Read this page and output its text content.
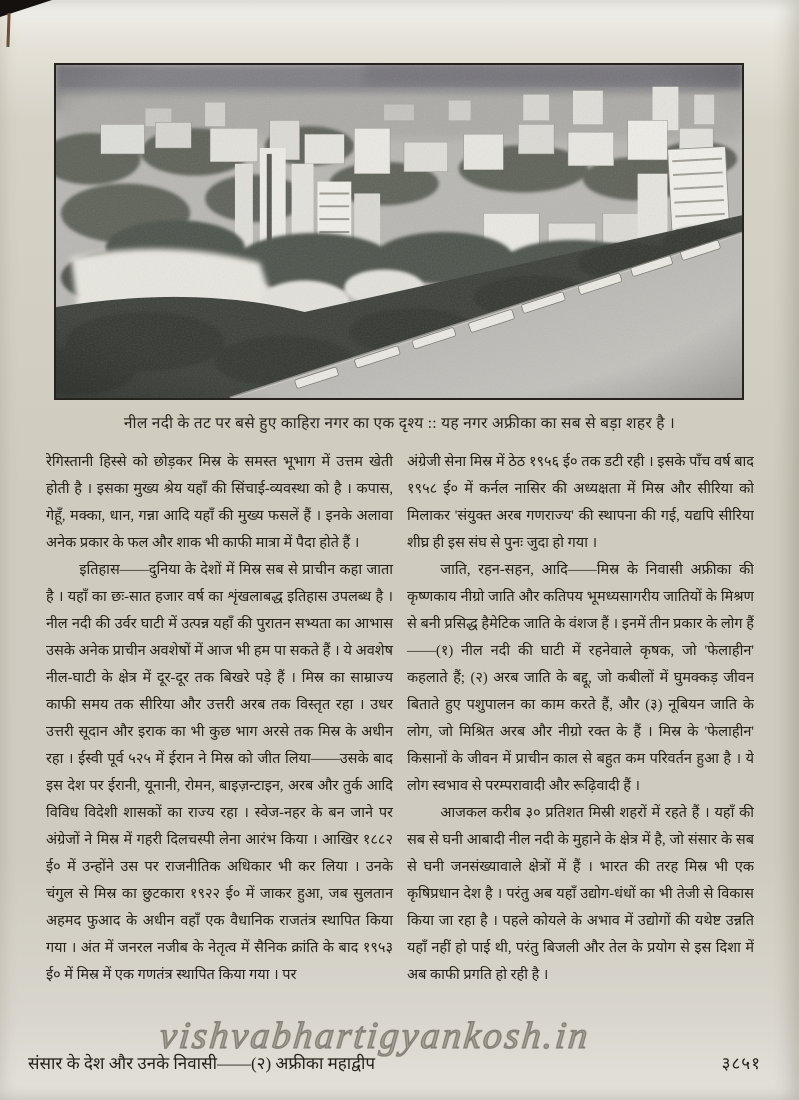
नील नदी के तट पर बसे हुए काहिरा नगर का एक दृश्य :: यह नगर अफ्रीका का सब से बड़ा शहर है ।

रेगिस्तानी हिस्से को छोड़कर मिस्र के समस्त भूभाग में उत्तम खेती होती है । इसका मुख्य श्रेय यहाँ की सिंचाई-व्यवस्था को है । कपास, गेहूँ, मक्का, धान, गन्ना आदि यहाँ की मुख्य फसलें हैं । इनके अलावा अनेक प्रकार के फल और शाक भी काफी मात्रा में पैदा होते हैं ।

इतिहास——दुनिया के देशों में मिस्र सब से प्राचीन कहा जाता है । यहाँ का छः-सात हजार वर्ष का शृंखलाबद्ध इतिहास उपलब्ध है । नील नदी की उर्वर घाटी में उत्पन्न यहाँ की पुरातन सभ्यता का आभास उसके अनेक प्राचीन अवशेषों में आज भी हम पा सकते हैं । ये अवशेष नील-घाटी के क्षेत्र में दूर-दूर तक बिखरे पड़े हैं । मिस्र का साम्राज्य काफी समय तक सीरिया और उत्तरी अरब तक विस्तृत रहा । उधर उत्तरी सूदान और इराक का भी कुछ भाग अरसे तक मिस्र के अधीन रहा । ईस्वी पूर्व ५२५ में ईरान ने मिस्र को जीत लिया——उसके बाद इस देश पर ईरानी, यूनानी, रोमन, बाइज़न्टाइन, अरब और तुर्क आदि विविध विदेशी शासकों का राज्य रहा । स्वेज-नहर के बन जाने पर अंग्रेजों ने मिस्र में गहरी दिलचस्पी लेना आरंभ किया । आखिर १८८२ ई० में उन्होंने उस पर राजनीतिक अधिकार भी कर लिया । उनके चंगुल से मिस्र का छुटकारा १९२२ ई० में जाकर हुआ, जब सुलतान अहमद फुआद के अधीन वहाँ एक वैधानिक राजतंत्र स्थापित किया गया । अंत में जनरल नजीब के नेतृत्व में सैनिक क्रांति के बाद १९५३ ई० में मिस्र में एक गणतंत्र स्थापित किया गया । पर

अंग्रेजी सेना मिस्र में ठेठ १९५६ ई० तक डटी रही । इसके पाँच वर्ष बाद १९५८ ई० में कर्नल नासिर की अध्यक्षता में मिस्र और सीरिया को मिलाकर 'संयुक्त अरब गणराज्य' की स्थापना की गई, यद्यपि सीरिया शीघ्र ही इस संघ से पुनः जुदा हो गया ।

जाति, रहन-सहन, आदि——मिस्र के निवासी अफ्रीका की कृष्णकाय नीग्रो जाति और कतिपय भूमध्यसागरीय जातियों के मिश्रण से बनी प्रसिद्ध हैमेटिक जाति के वंशज हैं । इनमें तीन प्रकार के लोग हैं——(१) नील नदी की घाटी में रहनेवाले कृषक, जो 'फेलाहीन' कहलाते हैं; (२) अरब जाति के बद्दू, जो कबीलों में घुमक्कड़ जीवन बिताते हुए पशुपालन का काम करते हैं, और (३) नूबियन जाति के लोग, जो मिश्रित अरब और नीग्रो रक्त के हैं । मिस्र के 'फेलाहीन' किसानों के जीवन में प्राचीन काल से बहुत कम परिवर्तन हुआ है । ये लोग स्वभाव से परम्परावादी और रूढ़िवादी हैं ।

आजकल करीब ३० प्रतिशत मिस्री शहरों में रहते हैं । यहाँ की सब से घनी आबादी नील नदी के मुहाने के क्षेत्र में है, जो संसार के सब से घनी जनसंख्यावाले क्षेत्रों में हैं । भारत की तरह मिस्र भी एक कृषिप्रधान देश है । परंतु अब यहाँ उद्योग-धंधों का भी तेजी से विकास किया जा रहा है । पहले कोयले के अभाव में उद्योगों की यथेष्ट उन्नति यहाँ नहीं हो पाई थी, परंतु बिजली और तेल के प्रयोग से इस दिशा में अब काफी प्रगति हो रही है ।

vishvabhartigyankosh.in
संसार के देश और उनके निवासी——(२) अफ्रीका महाद्वीप	३८५१
